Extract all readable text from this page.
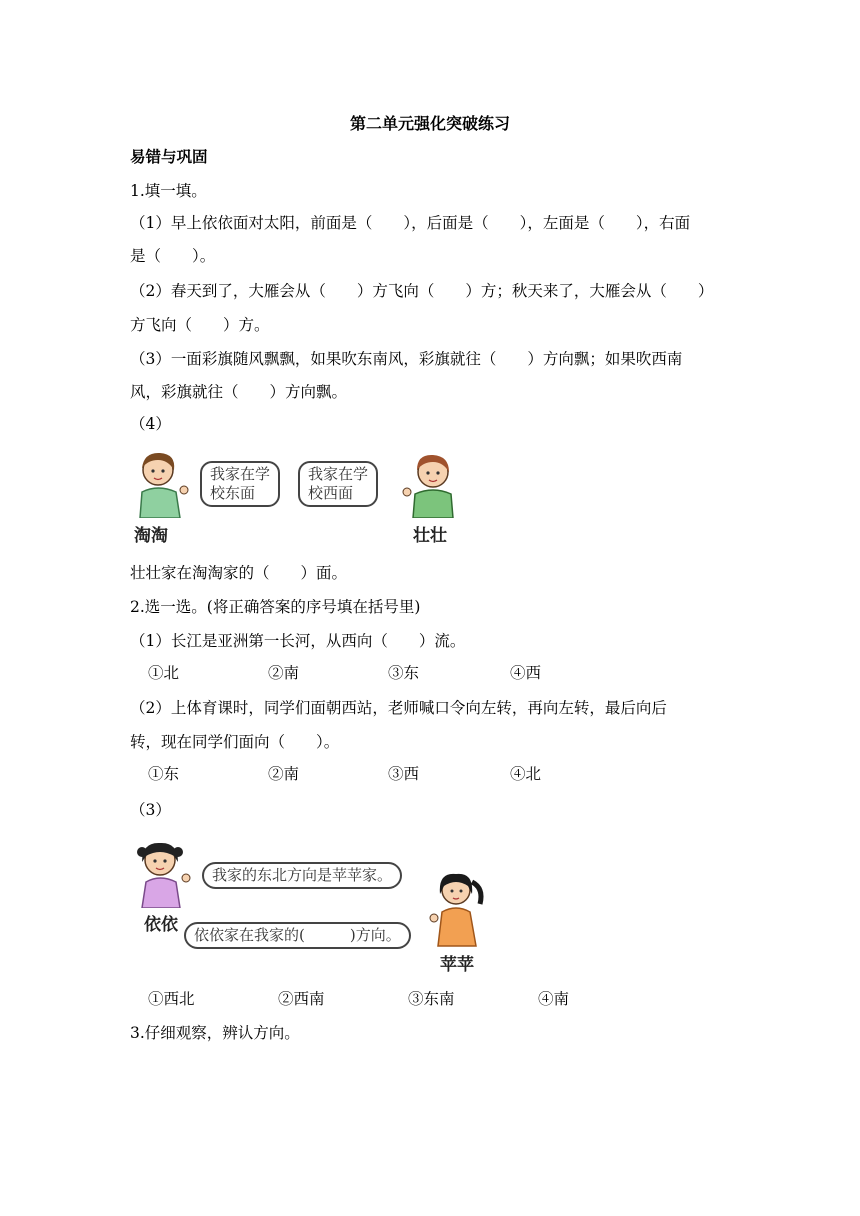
第二单元强化突破练习
易错与巩固
1.填一填。
（1）早上依依面对太阳，前面是（　　），后面是（　　），左面是（　　），右面
是（　　）。
（2）春天到了，大雁会从（　　）方飞向（　　）方；秋天来了，大雁会从（　　）
方飞向（　　）方。
（3）一面彩旗随风飘飘，如果吹东南风，彩旗就往（　　）方向飘；如果吹西南
风，彩旗就往（　　）方向飘。
（4）
淘淘
我家在学
校东面
我家在学
校西面
壮壮
壮壮家在淘淘家的（　　）面。
2.选一选。(将正确答案的序号填在括号里)
（1）长江是亚洲第一长河，从西向（　　）流。
①北	②南	③东	④西
（2）上体育课时，同学们面朝西站，老师喊口令向左转，再向左转，最后向后
转，现在同学们面向（　　）。
①东	②南	③西	④北
（3）
依依
我家的东北方向是苹苹家。
依依家在我家的(　　　)方向。
苹苹
①西北	②西南	③东南	④南
3.仔细观察，辨认方向。
